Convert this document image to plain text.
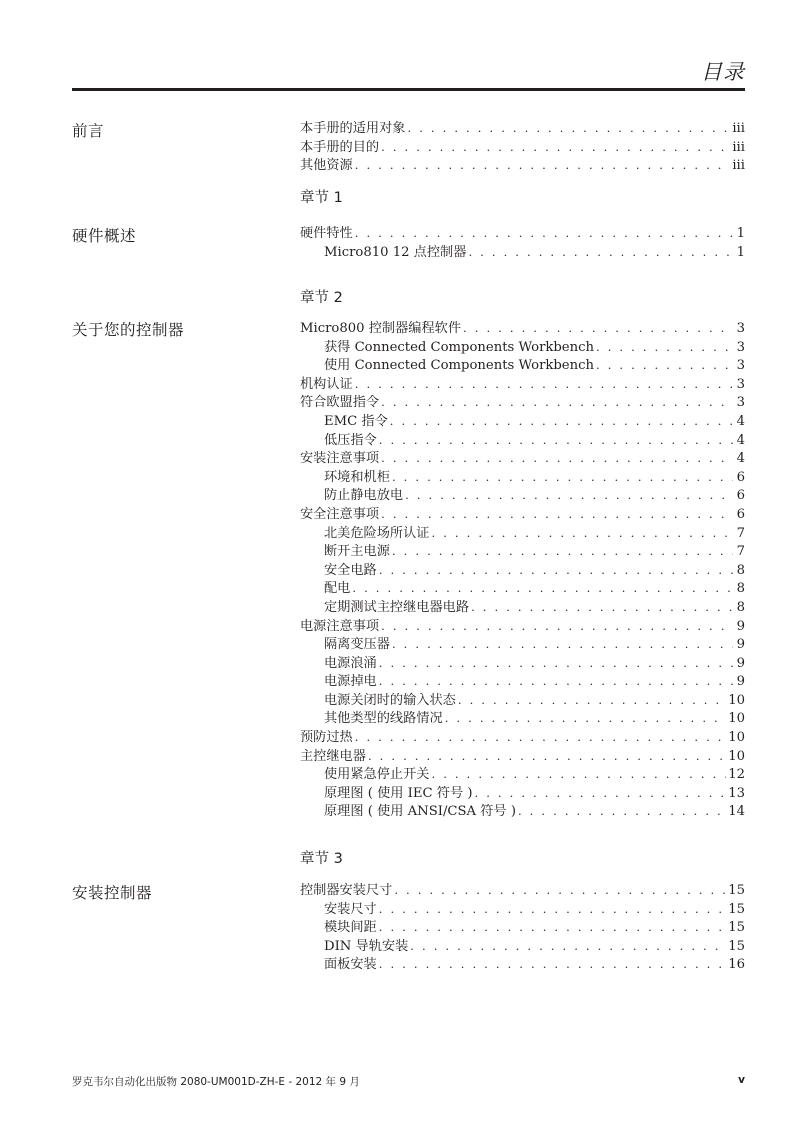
目录
前言	本手册的适用对象 . . .	iii
本手册的目的 . . .	iii
其他资源 . . .	iii
章节 1
硬件概述	硬件特性 . . .	1
Micro810 12 点控制器 . . .	1
章节 2
关于您的控制器	Micro800 控制器编程软件 . . .	3
获得 Connected Components Workbench . . .	3
使用 Connected Components Workbench . . .	3
机构认证 . . .	3
符合欧盟指令 . . .	3
EMC 指令 . . .	4
低压指令 . . .	4
安装注意事项 . . .	4
环境和机柜 . . .	6
防止静电放电 . . .	6
安全注意事项 . . .	6
北美危险场所认证 . . .	7
断开主电源 . . .	7
安全电路 . . .	8
配电 . . .	8
定期测试主控继电器电路 . . .	8
电源注意事项 . . .	9
隔离变压器 . . .	9
电源浪涌 . . .	9
电源掉电 . . .	9
电源关闭时的输入状态 . . .	10
其他类型的线路情况 . . .	10
预防过热 . . .	10
主控继电器 . . .	10
使用紧急停止开关 . . .	12
原理图 ( 使用 IEC 符号 ) . . .	13
原理图 ( 使用 ANSI/CSA 符号 ) . . .	14
章节 3
安装控制器	控制器安装尺寸 . . .	15
安装尺寸 . . .	15
模块间距 . . .	15
DIN 导轨安装 . . .	15
面板安装 . . .	16
罗克韦尔自动化出版物 2080-UM001D-ZH-E - 2012 年 9 月	v
